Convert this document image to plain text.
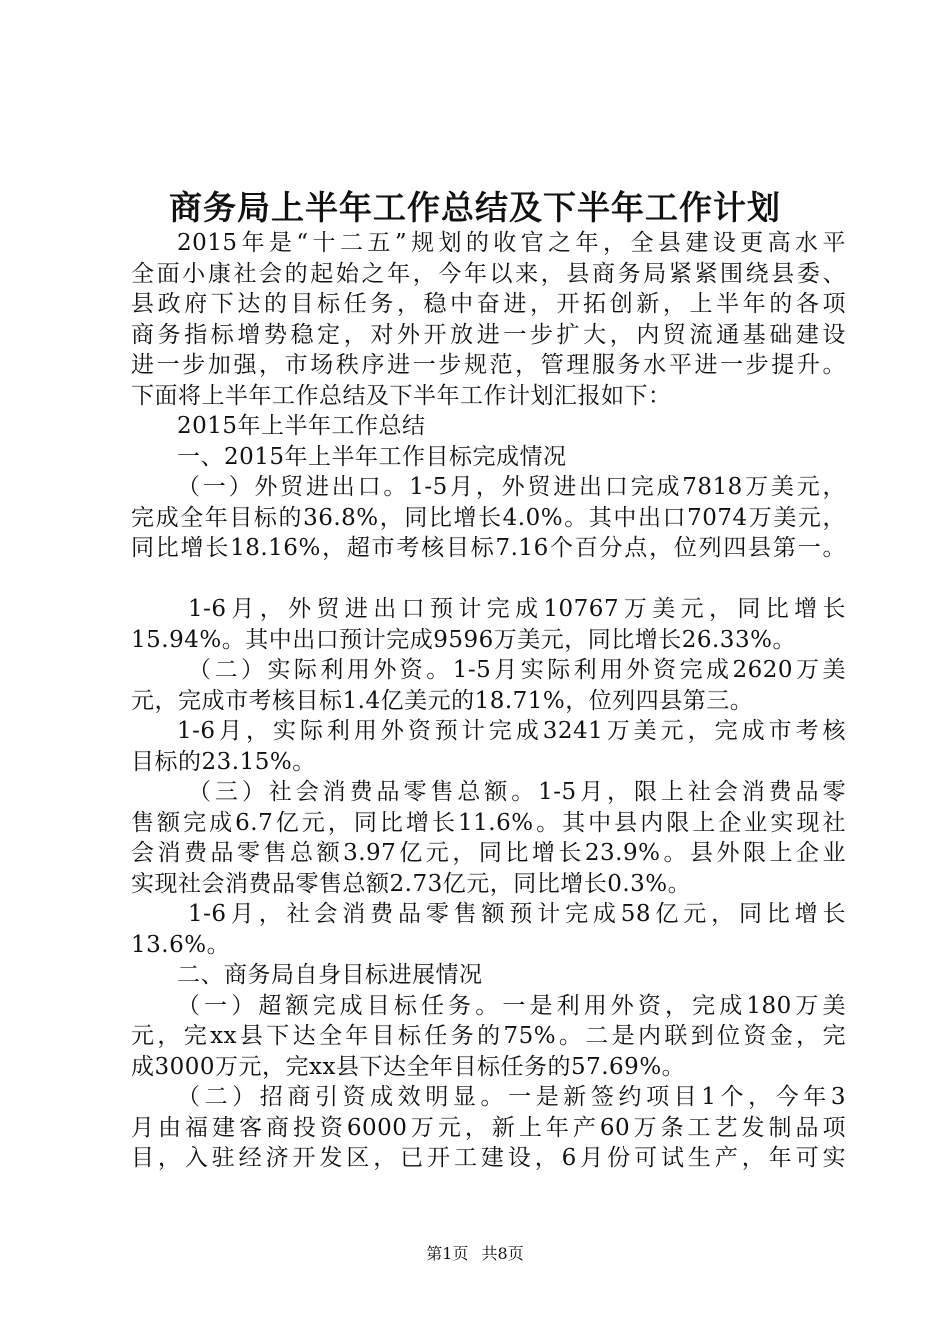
商务局上半年工作总结及下半年工作计划
2015年是“十二五”规划的收官之年，全县建设更高水平
全面小康社会的起始之年，今年以来，县商务局紧紧围绕县委、
县政府下达的目标任务，稳中奋进，开拓创新，上半年的各项
商务指标增势稳定，对外开放进一步扩大，内贸流通基础建设
进一步加强，市场秩序进一步规范，管理服务水平进一步提升。
下面将上半年工作总结及下半年工作计划汇报如下：
2015年上半年工作总结
一、2015年上半年工作目标完成情况
（一）外贸进出口。1-5月，外贸进出口完成7818万美元，
完成全年目标的36.8%，同比增长4.0%。其中出口7074万美元，
同比增长18.16%，超市考核目标7.16个百分点，位列四县第一。
1-6月，外贸进出口预计完成10767万美元，同比增长
15.94%。其中出口预计完成9596万美元，同比增长26.33%。
（二）实际利用外资。1-5月实际利用外资完成2620万美
元，完成市考核目标1.4亿美元的18.71%，位列四县第三。
1-6月，实际利用外资预计完成3241万美元，完成市考核
目标的23.15%。
（三）社会消费品零售总额。1-5月，限上社会消费品零
售额完成6.7亿元，同比增长11.6%。其中县内限上企业实现社
会消费品零售总额3.97亿元，同比增长23.9%。县外限上企业
实现社会消费品零售总额2.73亿元，同比增长0.3%。
1-6月，社会消费品零售额预计完成58亿元，同比增长
13.6%。
二、商务局自身目标进展情况
（一）超额完成目标任务。一是利用外资，完成180万美
元，完xx县下达全年目标任务的75%。二是内联到位资金，完
成3000万元，完xx县下达全年目标任务的57.69%。
（二）招商引资成效明显。一是新签约项目1个，今年3
月由福建客商投资6000万元，新上年产60万条工艺发制品项
目，入驻经济开发区，已开工建设，6月份可试生产，年可实
第1页 共8页
